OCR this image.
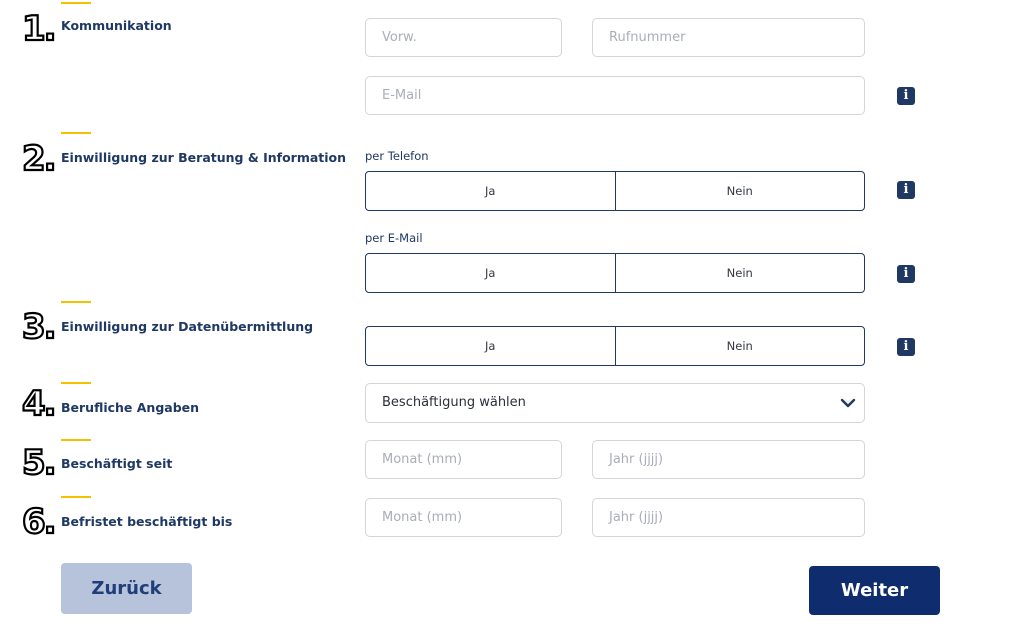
1. Kommunikation
Vorw.	Rufnummer
E-Mail	i
2. Einwilligung zur Beratung & Information per Telefon
Ja	Nein	i
per E-Mail
Ja	Nein	i
3. Einwilligung zur Datenübermittlung
Ja	Nein	i
4. Berufliche Angaben	Beschäftigung wählen
5. Beschäftigt seit	Monat (mm)	Jahr (jjjj)
6. Befristet beschäftigt bis	Monat (mm)	Jahr (jjjj)
Zurück	Weiter
